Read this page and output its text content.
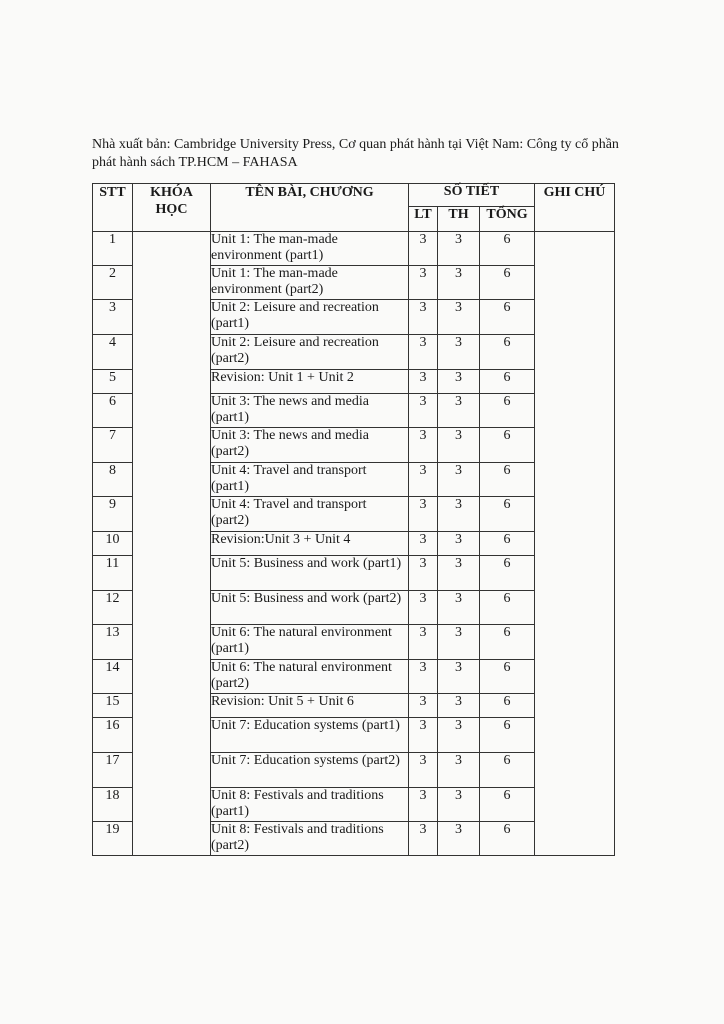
Nhà xuất bản: Cambridge University Press, Cơ quan phát hành tại Việt Nam: Công ty cổ phần phát hành sách TP.HCM – FAHASA
STT	KHÓA HỌC	TÊN BÀI, CHƯƠNG	SỐ TIẾT			GHI CHÚ
			LT	TH	TỔNG	
1		Unit 1: The man-made environment (part1)	3	3	6	
2		Unit 1: The man-made environment (part2)	3	3	6	
3		Unit 2: Leisure and recreation (part1)	3	3	6	
4		Unit 2: Leisure and recreation (part2)	3	3	6	
5		Revision: Unit 1 + Unit 2	3	3	6	
6		Unit 3: The news and media (part1)	3	3	6	
7		Unit 3: The news and media (part2)	3	3	6	
8		Unit 4: Travel and transport (part1)	3	3	6	
9		Unit 4: Travel and transport (part2)	3	3	6	
10		Revision:Unit 3 + Unit 4	3	3	6	
11		Unit 5: Business and work (part1)	3	3	6	
12		Unit 5: Business and work (part2)	3	3	6	
13		Unit 6: The natural environment (part1)	3	3	6	
14		Unit 6: The natural environment (part2)	3	3	6	
15		Revision: Unit 5 + Unit 6	3	3	6	
16		Unit 7: Education systems (part1)	3	3	6	
17		Unit 7: Education systems (part2)	3	3	6	
18		Unit 8: Festivals and traditions (part1)	3	3	6	
19		Unit 8: Festivals and traditions (part2)	3	3	6	
